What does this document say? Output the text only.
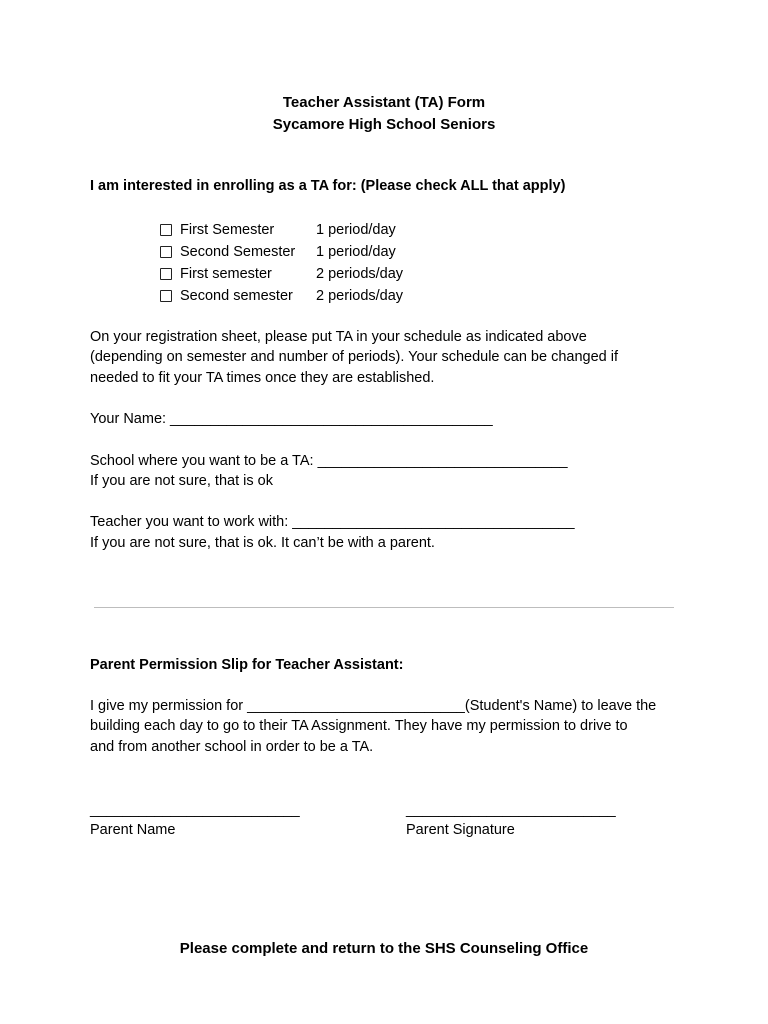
Teacher Assistant (TA) Form
Sycamore High School Seniors
I am interested in enrolling as a TA for: (Please check ALL that apply)
First Semester	1 period/day
Second Semester	1 period/day
First semester	2 periods/day
Second semester	2 periods/day
On your registration sheet, please put TA in your schedule as indicated above
(depending on semester and number of periods). Your schedule can be changed if
needed to fit your TA times once they are established.
Your Name: ________________________________________
School where you want to be a TA: _______________________________
If you are not sure, that is ok
Teacher you want to work with: ___________________________________
If you are not sure, that is ok. It can’t be with a parent.
Parent Permission Slip for Teacher Assistant:
I give my permission for ___________________________(Student's Name) to leave the
building each day to go to their TA Assignment. They have my permission to drive to
and from another school in order to be a TA.
__________________________
Parent Name
__________________________
Parent Signature
Please complete and return to the SHS Counseling Office
